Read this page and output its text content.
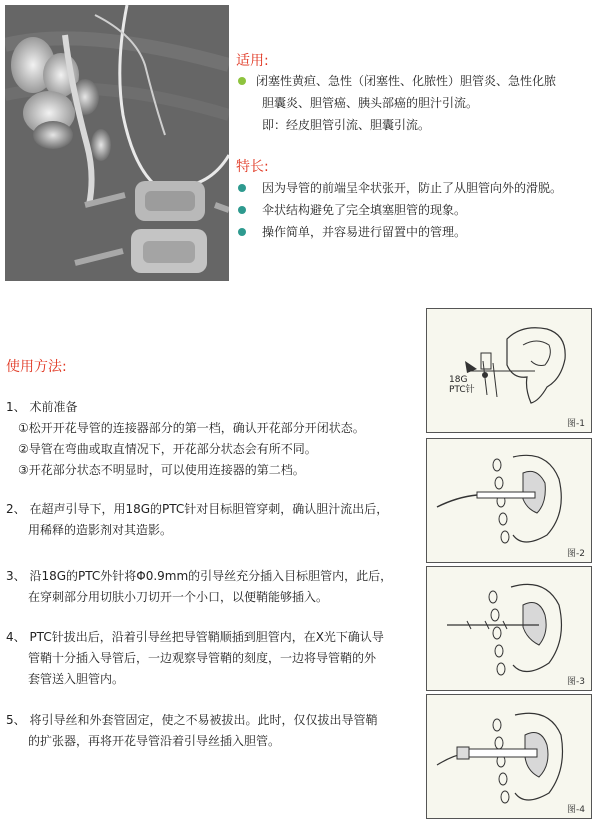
适用:
闭塞性黄疸、急性（闭塞性、化脓性）胆管炎、急性化脓
胆囊炎、胆管癌、胰头部癌的胆汁引流。
即：经皮胆管引流、胆囊引流。
特长:
因为导管的前端呈伞状张开，防止了从胆管向外的滑脱。
伞状结构避免了完全填塞胆管的现象。
操作简单，并容易进行留置中的管理。
使用方法:
1、 术前准备
①松开开花导管的连接器部分的第一档，确认开花部分开闭状态。
②导管在弯曲或取直情况下，开花部分状态会有所不同。
③开花部分状态不明显时，可以使用连接器的第二档。
2、 在超声引导下，用18G的PTC针对目标胆管穿刺，确认胆汁流出后，
用稀释的造影剂对其造影。
3、 沿18G的PTC外针将Φ0.9mm的引导丝充分插入目标胆管内，此后，
在穿刺部分用切肤小刀切开一个小口，以便鞘能够插入。
4、 PTC针拔出后，沿着引导丝把导管鞘顺插到胆管内，在X光下确认导
管鞘十分插入导管后，一边观察导管鞘的刻度，一边将导管鞘的外
套管送入胆管内。
5、 将引导丝和外套管固定，使之不易被拔出。此时，仅仅拔出导管鞘
的扩张器，再将开花导管沿着引导丝插入胆管。
18G
PTC针
图-1
图-2
图-3
图-4
